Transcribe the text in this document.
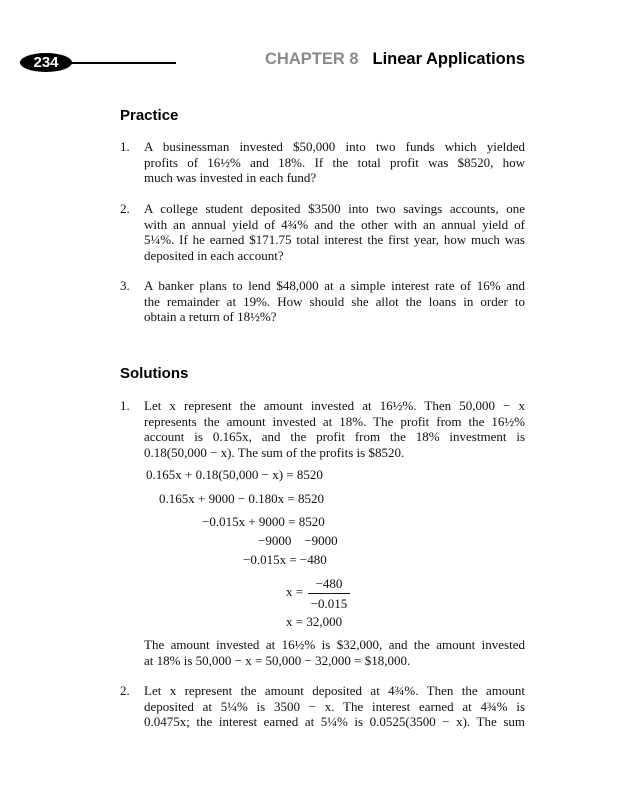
234	CHAPTER 8 Linear Applications
Practice
1. A businessman invested $50,000 into two funds which yielded
profits of 16½% and 18%. If the total profit was $8520, how
much was invested in each fund?
2. A college student deposited $3500 into two savings accounts, one
with an annual yield of 4¾% and the other with an annual yield of
5¼%. If he earned $171.75 total interest the first year, how much was
deposited in each account?
3. A banker plans to lend $48,000 at a simple interest rate of 16% and
the remainder at 19%. How should she allot the loans in order to
obtain a return of 18½%?
Solutions
1. Let x represent the amount invested at 16½%. Then 50,000 − x
represents the amount invested at 18%. The profit from the 16½%
account is 0.165x, and the profit from the 18% investment is
0.18(50,000 − x). The sum of the profits is $8520.
0.165x + 0.18(50,000 − x) = 8520
0.165x + 9000 − 0.180x = 8520
−0.015x + 9000 = 8520
−9000    −9000
−0.015x = −480
$x = \frac{-480}{-0.015}$
x = 32,000
The amount invested at 16½% is $32,000, and the amount invested
at 18% is 50,000 − x = 50,000 − 32,000 = $18,000.
2. Let x represent the amount deposited at 4¾%. Then the amount
deposited at 5¼% is 3500 − x. The interest earned at 4¾% is
0.0475x; the interest earned at 5¼% is 0.0525(3500 − x). The sum
